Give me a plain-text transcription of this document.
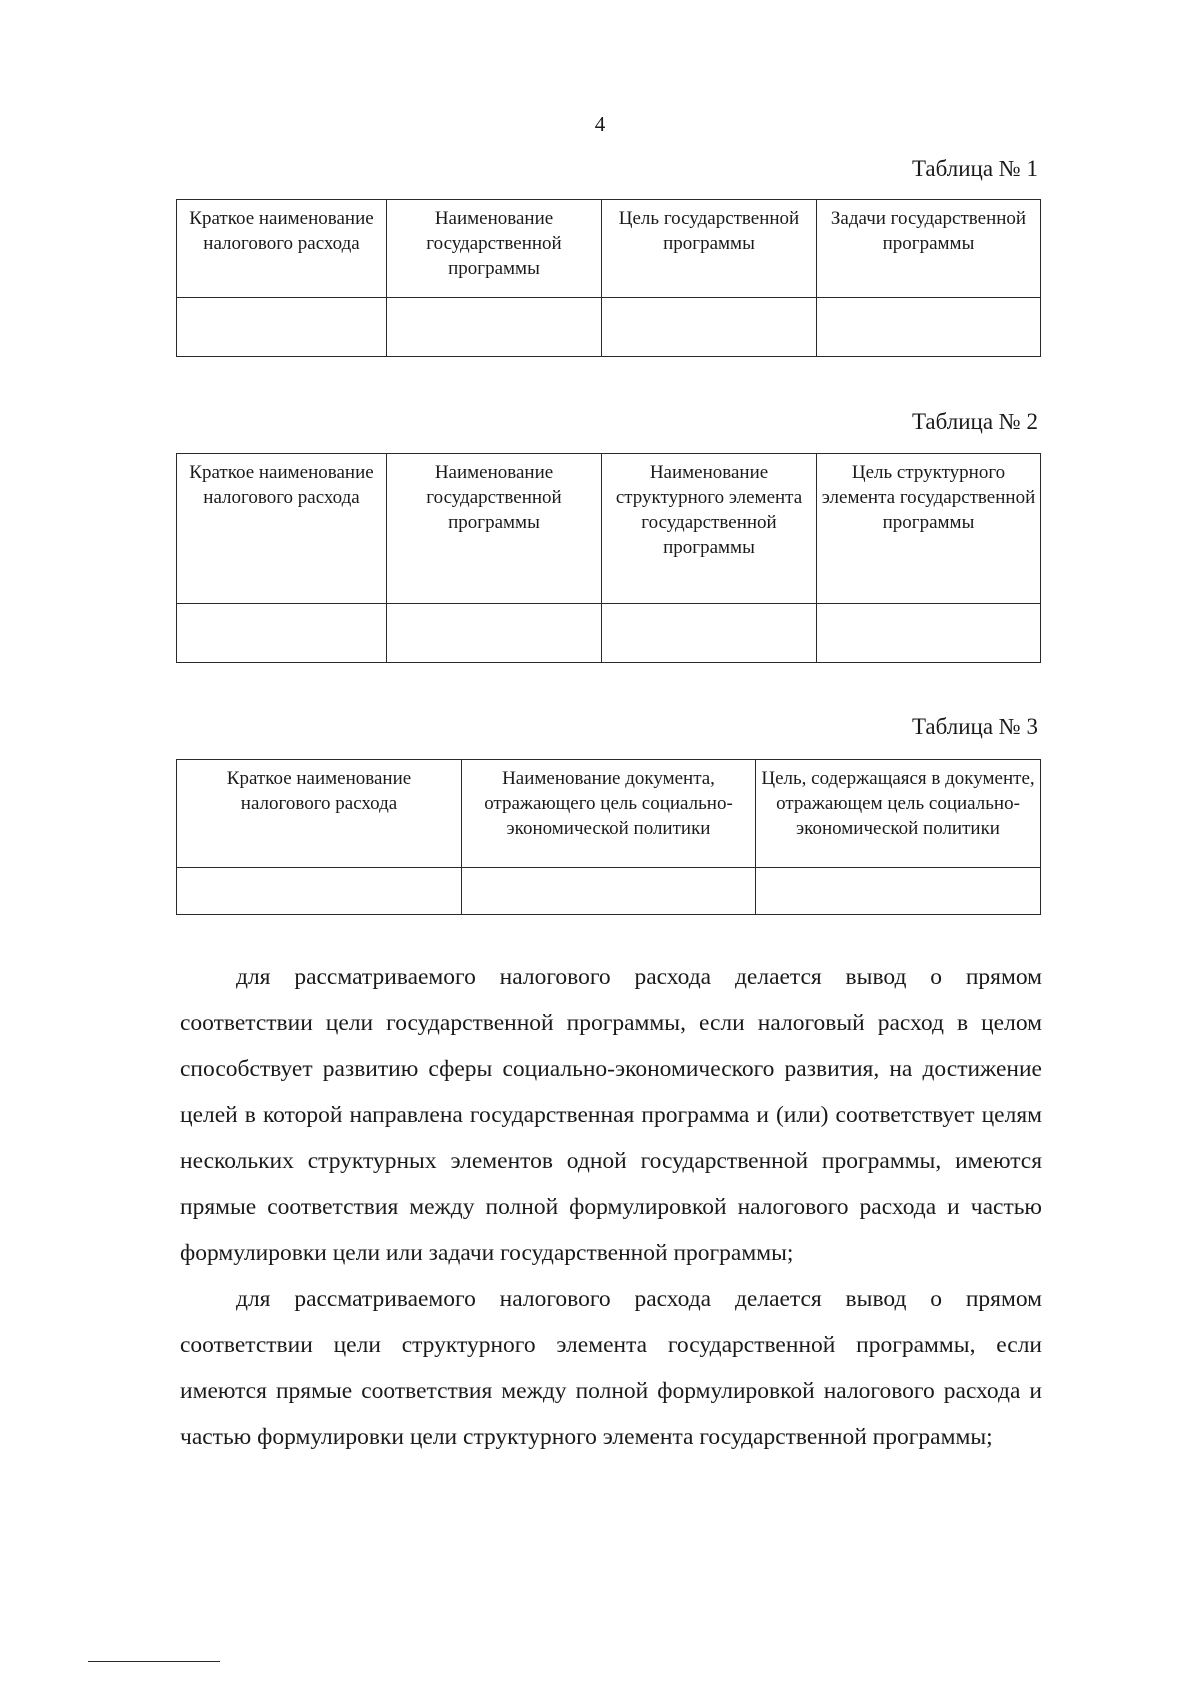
4
Таблица № 1
Краткое наименование налогового расхода	Наименование государственной программы	Цель государственной программы	Задачи государственной программы

Таблица № 2
Краткое наименование налогового расхода	Наименование государственной программы	Наименование структурного элемента государственной программы	Цель структурного элемента государственной программы

Таблица № 3
Краткое наименование налогового расхода	Наименование документа, отражающего цель социально-экономической политики	Цель, содержащаяся в документе, отражающем цель социально-экономической политики

для рассматриваемого налогового расхода делается вывод о прямом соответствии цели государственной программы, если налоговый расход в целом способствует развитию сферы социально-экономического развития, на достижение целей в которой направлена государственная программа и (или) соответствует целям нескольких структурных элементов одной государственной программы, имеются прямые соответствия между полной формулировкой налогового расхода и частью формулировки цели или задачи государственной программы;

для рассматриваемого налогового расхода делается вывод о прямом соответствии цели структурного элемента государственной программы, если имеются прямые соответствия между полной формулировкой налогового расхода и частью формулировки цели структурного элемента государственной программы;
